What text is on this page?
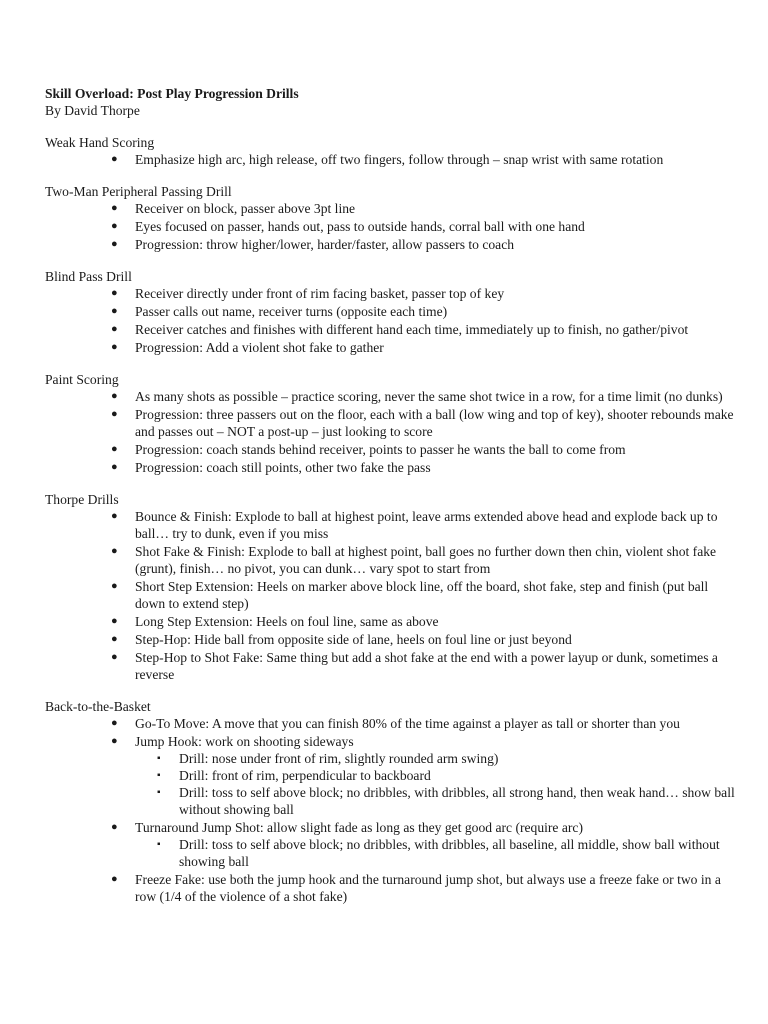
Skill Overload: Post Play Progression Drills

By David Thorpe

Weak Hand Scoring

● Emphasize high arc, high release, off two fingers, follow through – snap wrist with same rotation

Two-Man Peripheral Passing Drill

● Receiver on block, passer above 3pt line
● Eyes focused on passer, hands out, pass to outside hands, corral ball with one hand
● Progression: throw higher/lower, harder/faster, allow passers to coach

Blind Pass Drill

● Receiver directly under front of rim facing basket, passer top of key
● Passer calls out name, receiver turns (opposite each time)
● Receiver catches and finishes with different hand each time, immediately up to finish, no gather/pivot
● Progression: Add a violent shot fake to gather

Paint Scoring

● As many shots as possible – practice scoring, never the same shot twice in a row, for a time limit (no dunks)
● Progression: three passers out on the floor, each with a ball (low wing and top of key), shooter rebounds make and passes out – NOT a post-up – just looking to score
● Progression: coach stands behind receiver, points to passer he wants the ball to come from
● Progression: coach still points, other two fake the pass

Thorpe Drills

● Bounce & Finish: Explode to ball at highest point, leave arms extended above head and explode back up to ball… try to dunk, even if you miss
● Shot Fake & Finish: Explode to ball at highest point, ball goes no further down then chin, violent shot fake (grunt), finish… no pivot, you can dunk… vary spot to start from
● Short Step Extension: Heels on marker above block line, off the board, shot fake, step and finish (put ball down to extend step)
● Long Step Extension: Heels on foul line, same as above
● Step-Hop: Hide ball from opposite side of lane, heels on foul line or just beyond
● Step-Hop to Shot Fake: Same thing but add a shot fake at the end with a power layup or dunk, sometimes a reverse

Back-to-the-Basket

● Go-To Move: A move that you can finish 80% of the time against a player as tall or shorter than you
● Jump Hook: work on shooting sideways
▪ Drill: nose under front of rim, slightly rounded arm swing)
▪ Drill: front of rim, perpendicular to backboard
▪ Drill: toss to self above block; no dribbles, with dribbles, all strong hand, then weak hand… show ball without showing ball
● Turnaround Jump Shot: allow slight fade as long as they get good arc (require arc)
▪ Drill: toss to self above block; no dribbles, with dribbles, all baseline, all middle, show ball without showing ball
● Freeze Fake: use both the jump hook and the turnaround jump shot, but always use a freeze fake or two in a row (1/4 of the violence of a shot fake)
